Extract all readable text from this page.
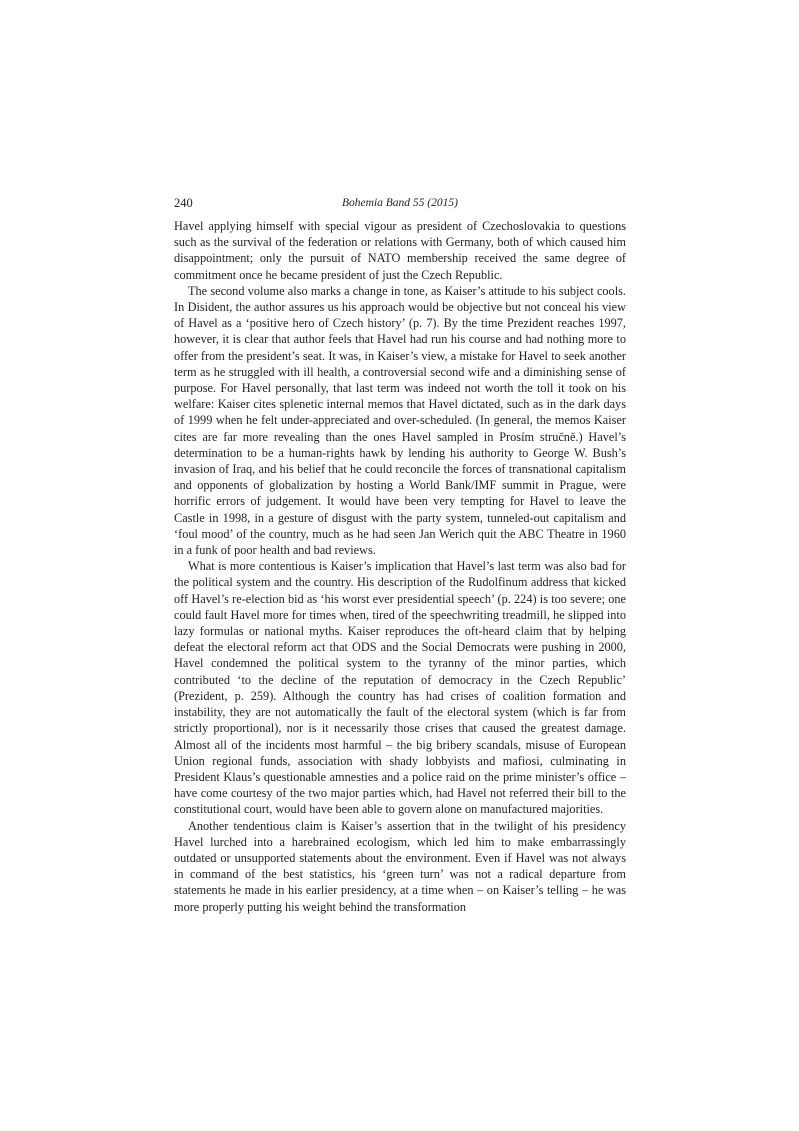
240	Bohemia Band 55 (2015)

Havel applying himself with special vigour as president of Czechoslovakia to questions such as the survival of the federation or relations with Germany, both of which caused him disappointment; only the pursuit of NATO membership received the same degree of commitment once he became president of just the Czech Republic.

The second volume also marks a change in tone, as Kaiser’s attitude to his subject cools. In Disident, the author assures us his approach would be objective but not conceal his view of Havel as a ‘positive hero of Czech history’ (p. 7). By the time Prezident reaches 1997, however, it is clear that author feels that Havel had run his course and had nothing more to offer from the president’s seat. It was, in Kaiser’s view, a mistake for Havel to seek another term as he struggled with ill health, a controversial second wife and a diminishing sense of purpose. For Havel personally, that last term was indeed not worth the toll it took on his welfare: Kaiser cites splenetic internal memos that Havel dictated, such as in the dark days of 1999 when he felt under-appreciated and over-scheduled. (In general, the memos Kaiser cites are far more revealing than the ones Havel sampled in Prosím stručně.) Havel’s determination to be a human-rights hawk by lending his authority to George W. Bush’s invasion of Iraq, and his belief that he could reconcile the forces of transnational capitalism and opponents of globalization by hosting a World Bank/IMF summit in Prague, were horrific errors of judgement. It would have been very tempting for Havel to leave the Castle in 1998, in a gesture of disgust with the party system, tunneled-out capitalism and ‘foul mood’ of the country, much as he had seen Jan Werich quit the ABC Theatre in 1960 in a funk of poor health and bad reviews.

What is more contentious is Kaiser’s implication that Havel’s last term was also bad for the political system and the country. His description of the Rudolfinum address that kicked off Havel’s re-election bid as ‘his worst ever presidential speech’ (p. 224) is too severe; one could fault Havel more for times when, tired of the speechwriting treadmill, he slipped into lazy formulas or national myths. Kaiser reproduces the oft-heard claim that by helping defeat the electoral reform act that ODS and the Social Democrats were pushing in 2000, Havel condemned the political system to the tyranny of the minor parties, which contributed ‘to the decline of the reputation of democracy in the Czech Republic’ (Prezident, p. 259). Although the country has had crises of coalition formation and instability, they are not automatically the fault of the electoral system (which is far from strictly proportional), nor is it necessarily those crises that caused the greatest damage. Almost all of the incidents most harmful – the big bribery scandals, misuse of European Union regional funds, association with shady lobbyists and mafiosi, culminating in President Klaus’s questionable amnesties and a police raid on the prime minister’s office – have come courtesy of the two major parties which, had Havel not referred their bill to the constitutional court, would have been able to govern alone on manufactured majorities.

Another tendentious claim is Kaiser’s assertion that in the twilight of his presidency Havel lurched into a harebrained ecologism, which led him to make embarrassingly outdated or unsupported statements about the environment. Even if Havel was not always in command of the best statistics, his ‘green turn’ was not a radical departure from statements he made in his earlier presidency, at a time when – on Kaiser’s telling – he was more properly putting his weight behind the transformation
